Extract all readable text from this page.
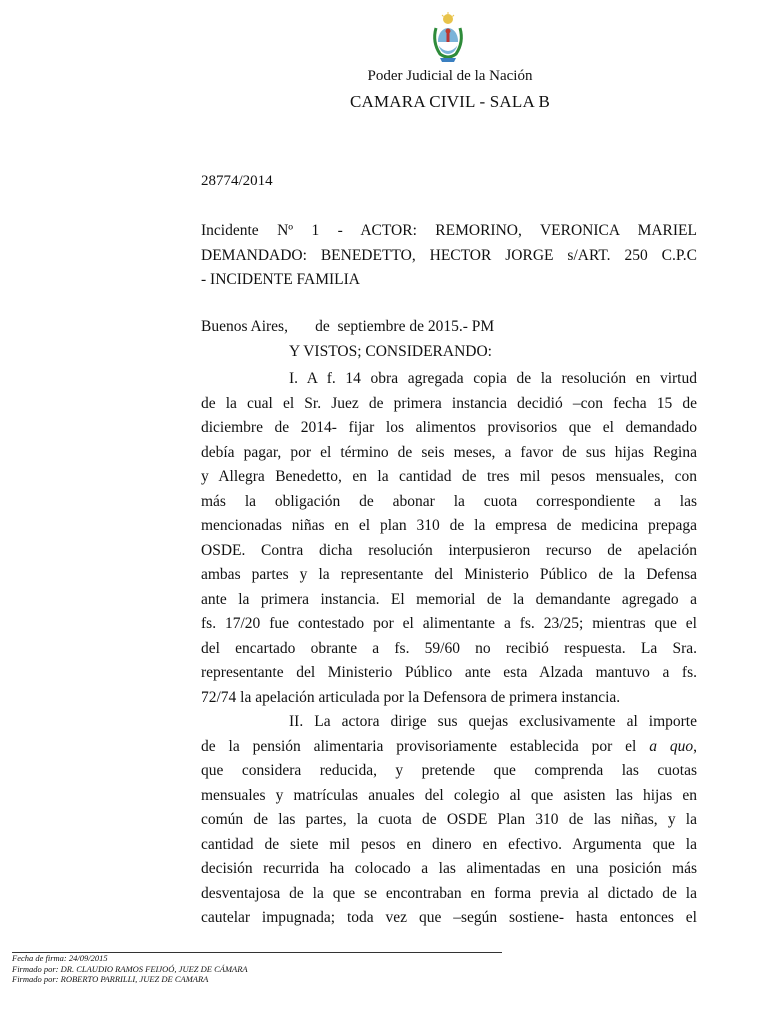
Poder Judicial de la Nación
CAMARA CIVIL - SALA B
28774/2014
Incidente Nº 1 - ACTOR: REMORINO, VERONICA MARIEL
DEMANDADO: BENEDETTO, HECTOR JORGE s/ART. 250 C.P.C
- INCIDENTE FAMILIA
Buenos Aires,       de  septiembre de 2015.- PM
Y VISTOS; CONSIDERANDO:
I. A f. 14 obra agregada copia de la resolución en virtud
de la cual el Sr. Juez de primera instancia decidió –con fecha 15 de
diciembre de 2014- fijar los alimentos provisorios que el demandado
debía pagar, por el término de seis meses, a favor de sus hijas Regina
y Allegra Benedetto, en la cantidad de tres mil pesos mensuales, con
más la obligación de abonar la cuota correspondiente a las
mencionadas niñas en el plan 310 de la empresa de medicina prepaga
OSDE. Contra dicha resolución interpusieron recurso de apelación
ambas partes y la representante del Ministerio Público de la Defensa
ante la primera instancia. El memorial de la demandante agregado a
fs. 17/20 fue contestado por el alimentante a fs. 23/25; mientras que el
del encartado obrante a fs. 59/60 no recibió respuesta. La Sra.
representante del Ministerio Público ante esta Alzada mantuvo a fs.
72/74 la apelación articulada por la Defensora de primera instancia.
II. La actora dirige sus quejas exclusivamente al importe
de la pensión alimentaria provisoriamente establecida por el a quo,
que considera reducida, y pretende que comprenda las cuotas
mensuales y matrículas anuales del colegio al que asisten las hijas en
común de las partes, la cuota de OSDE Plan 310 de las niñas, y la
cantidad de siete mil pesos en dinero en efectivo. Argumenta que la
decisión recurrida ha colocado a las alimentadas en una posición más
desventajosa de la que se encontraban en forma previa al dictado de la
cautelar impugnada; toda vez que –según sostiene- hasta entonces el
Fecha de firma: 24/09/2015
Firmado por: DR. CLAUDIO RAMOS FEIJOÓ, JUEZ DE CÁMARA
Firmado por: ROBERTO PARRILLI, JUEZ DE CAMARA
